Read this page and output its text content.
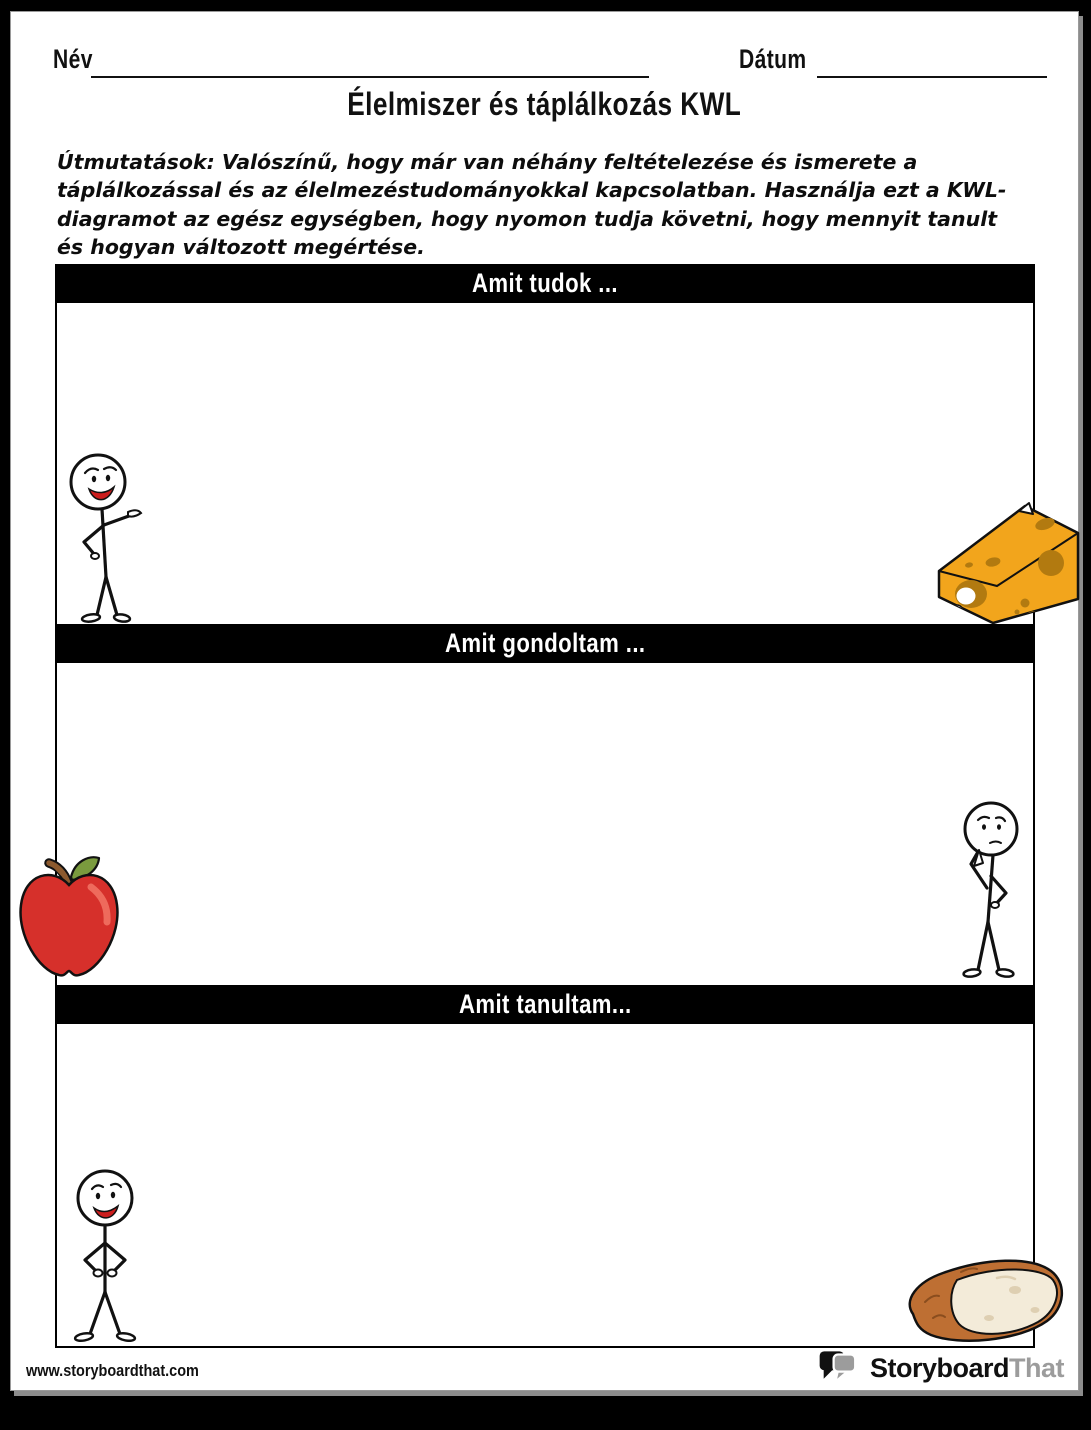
Név	Dátum
Élelmiszer és táplálkozás KWL
Útmutatások: Valószínű, hogy már van néhány feltételezése és ismerete a táplálkozással és az élelmezéstudományokkal kapcsolatban. Használja ezt a KWL-diagramot az egész egységben, hogy nyomon tudja követni, hogy mennyit tanult és hogyan változott megértése.
Amit tudok ...
Amit gondoltam ...
Amit tanultam...
www.storyboardthat.com	StoryboardThat
